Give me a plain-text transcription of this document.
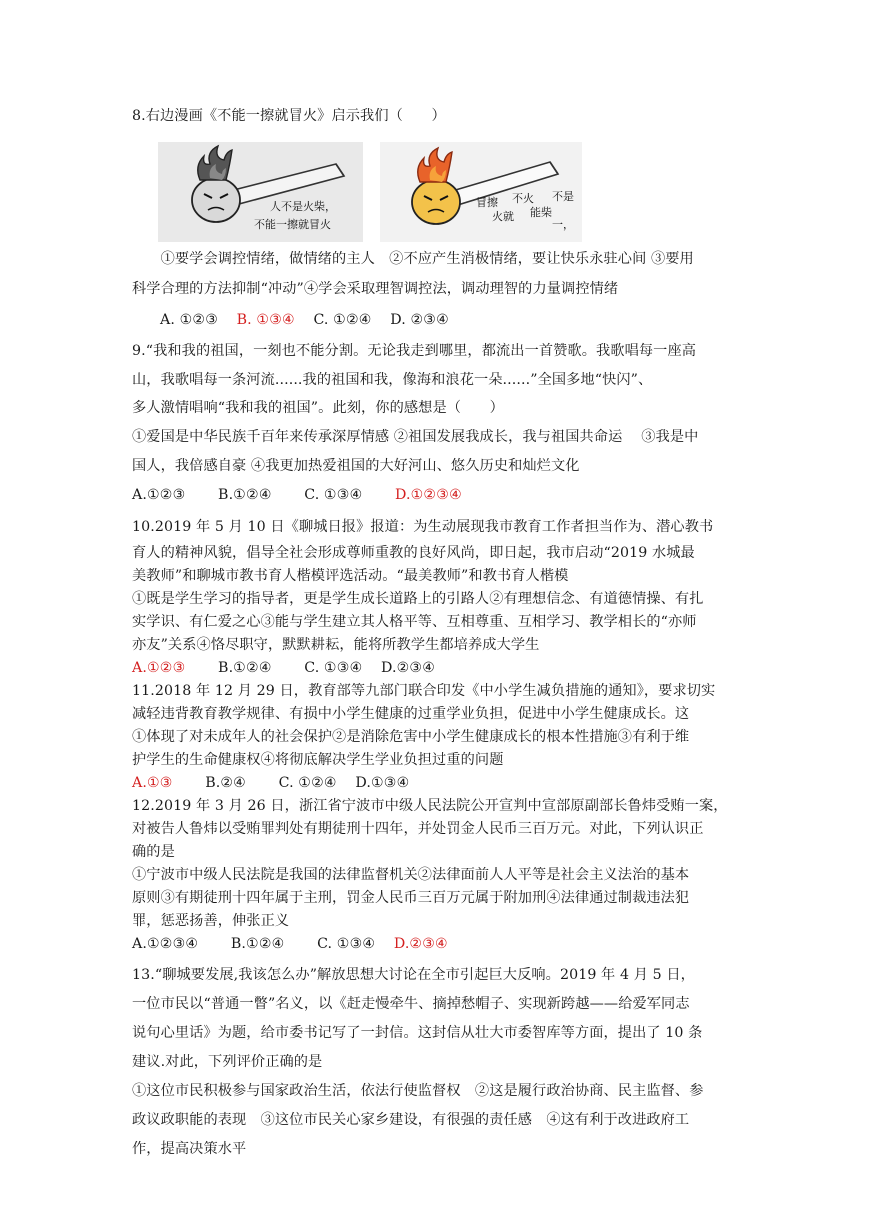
8.右边漫画《不能一擦就冒火》启示我们（　　）
人不是火柴，
不能一擦就冒火
冒擦
火就
不火
能柴
不是
一，
　　①要学会调控情绪，做情绪的主人　②不应产生消极情绪，要让快乐永驻心间 ③要用
科学合理的方法抑制“冲动”④学会采取理智调控法，调动理智的力量调控情绪
A. ①②③ B. ①③④ C. ①②④ D. ②③④
9.“我和我的祖国，一刻也不能分割。无论我走到哪里，都流出一首赞歌。我歌唱每一座高
山，我歌唱每一条河流......我的祖国和我，像海和浪花一朵......”全国多地“快闪”、
多人激情唱响“我和我的祖国”。此刻，你的感想是（　　）
①爱国是中华民族千百年来传承深厚情感 ②祖国发展我成长，我与祖国共命运　 ③我是中
国人，我倍感自豪 ④我更加热爱祖国的大好河山、悠久历史和灿烂文化
A.①②③ B.①②④ C. ①③④ D.①②③④
10.2019 年 5 月 10 日《聊城日报》报道：为生动展现我市教育工作者担当作为、潜心教书
育人的精神风貌，倡导全社会形成尊师重教的良好风尚，即日起，我市启动“2019 水城最
美教师”和聊城市教书育人楷模评选活动。“最美教师”和教书育人楷模
①既是学生学习的指导者，更是学生成长道路上的引路人②有理想信念、有道德情操、有扎
实学识、有仁爱之心③能与学生建立其人格平等、互相尊重、互相学习、教学相长的“亦师
亦友”关系④恪尽职守，默默耕耘，能将所教学生都培养成大学生
A.①②③ B.①②④ C. ①③④ D.②③④
11.2018 年 12 月 29 日，教育部等九部门联合印发《中小学生减负措施的通知》，要求切实
减轻违背教育教学规律、有损中小学生健康的过重学业负担，促进中小学生健康成长。这
①体现了对未成年人的社会保护②是消除危害中小学生健康成长的根本性措施③有利于维
护学生的生命健康权④将彻底解决学生学业负担过重的问题
A.①③ B.②④ C. ①②④ D.①③④
12.2019 年 3 月 26 日，浙江省宁波市中级人民法院公开宣判中宣部原副部长鲁炜受贿一案，
对被告人鲁炜以受贿罪判处有期徒刑十四年，并处罚金人民币三百万元。对此，下列认识正
确的是
①宁波市中级人民法院是我国的法律监督机关②法律面前人人平等是社会主义法治的基本
原则③有期徒刑十四年属于主刑，罚金人民币三百万元属于附加刑④法律通过制裁违法犯
罪，惩恶扬善，伸张正义
A.①②③④ B.①②④ C. ①③④ D.②③④
13.“聊城要发展,我该怎么办”解放思想大讨论在全市引起巨大反响。2019 年 4 月 5 日，
一位市民以“普通一瞥”名义，以《赶走慢牵牛、摘掉愁帽子、实现新跨越——给爱军同志
说句心里话》为题，给市委书记写了一封信。这封信从壮大市委智库等方面，提出了 10 条
建议.对此，下列评价正确的是
①这位市民积极参与国家政治生活，依法行使监督权　②这是履行政治协商、民主监督、参
政议政职能的表现　③这位市民关心家乡建设，有很强的责任感　④这有利于改进政府工
作，提高决策水平
